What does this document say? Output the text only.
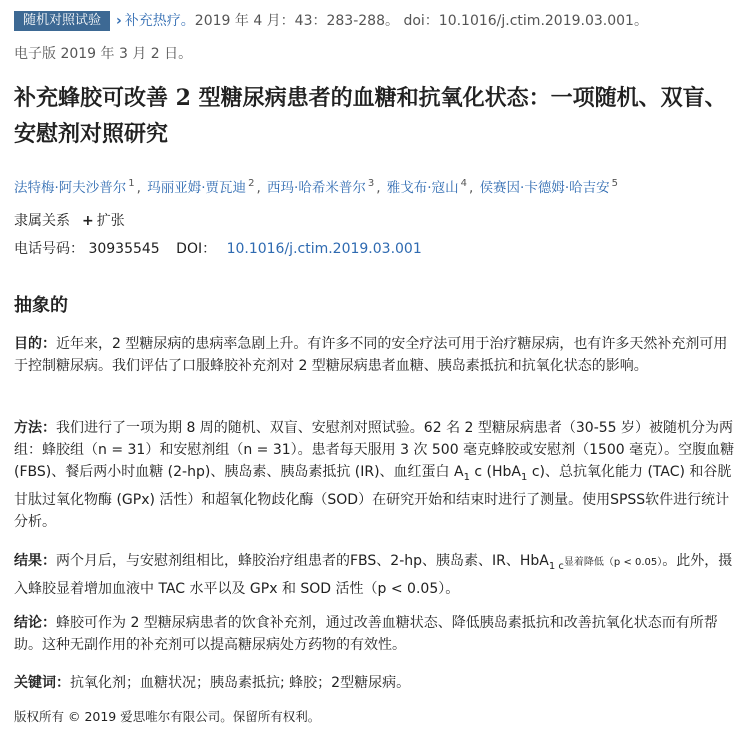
随机对照试验 › 补充热疗。2019 年 4 月：43：283-288。 doi：10.1016/j.ctim.2019.03.001。
电子版 2019 年 3 月 2 日。
补充蜂胶可改善 2 型糖尿病患者的血糖和抗氧化状态：一项随机、双盲、安慰剂对照研究
法特梅·阿夫沙普尔 $^1$ , 玛丽亚姆·贾瓦迪 $^2$ , 西玛·哈希米普尔 $^3$ , 雅戈布·寇山 $^4$ , 侯赛因·卡德姆·哈吉安 $^5$
隶属关系 + 扩张
电话号码： 30935545 DOI： 10.1016/j.ctim.2019.03.001
抽象的

目的：近年来，2 型糖尿病的患病率急剧上升。有许多不同的安全疗法可用于治疗糖尿病，也有许多天然补充剂可用于控制糖尿病。我们评估了口服蜂胶补充剂对 2 型糖尿病患者血糖、胰岛素抵抗和抗氧化状态的影响。

方法：我们进行了一项为期 8 周的随机、双盲、安慰剂对照试验。62 名 2 型糖尿病患者（30-55 岁）被随机分为两组：蜂胶组（n = 31）和安慰剂组（n = 31）。患者每天服用 3 次 500 毫克蜂胶或安慰剂（1500 毫克）。空腹血糖 (FBS)、餐后两小时血糖 (2-hp)、胰岛素、胰岛素抵抗 (IR)、血红蛋白 $A_1$ c (HbA$_1$ c)、总抗氧化能力 (TAC) 和谷胱甘肽过氧化物酶 (GPx) 活性）和超氧化物歧化酶（SOD）在研究开始和结束时进行了测量。使用SPSS软件进行统计分析。

结果：两个月后，与安慰剂组相比，蜂胶治疗组患者的FBS、2-hp、胰岛素、IR、HbA$_{1 c}$显着降低（p < 0.05）。此外，摄入蜂胶显着增加血液中 TAC 水平以及 GPx 和 SOD 活性（p < 0.05）。

结论：蜂胶可作为 2 型糖尿病患者的饮食补充剂，通过改善血糖状态、降低胰岛素抵抗和改善抗氧化状态而有所帮助。这种无副作用的补充剂可以提高糖尿病处方药物的有效性。

关键词：抗氧化剂；血糖状况；胰岛素抵抗; 蜂胶；2型糖尿病。

版权所有 © 2019 爱思唯尔有限公司。保留所有权利。
